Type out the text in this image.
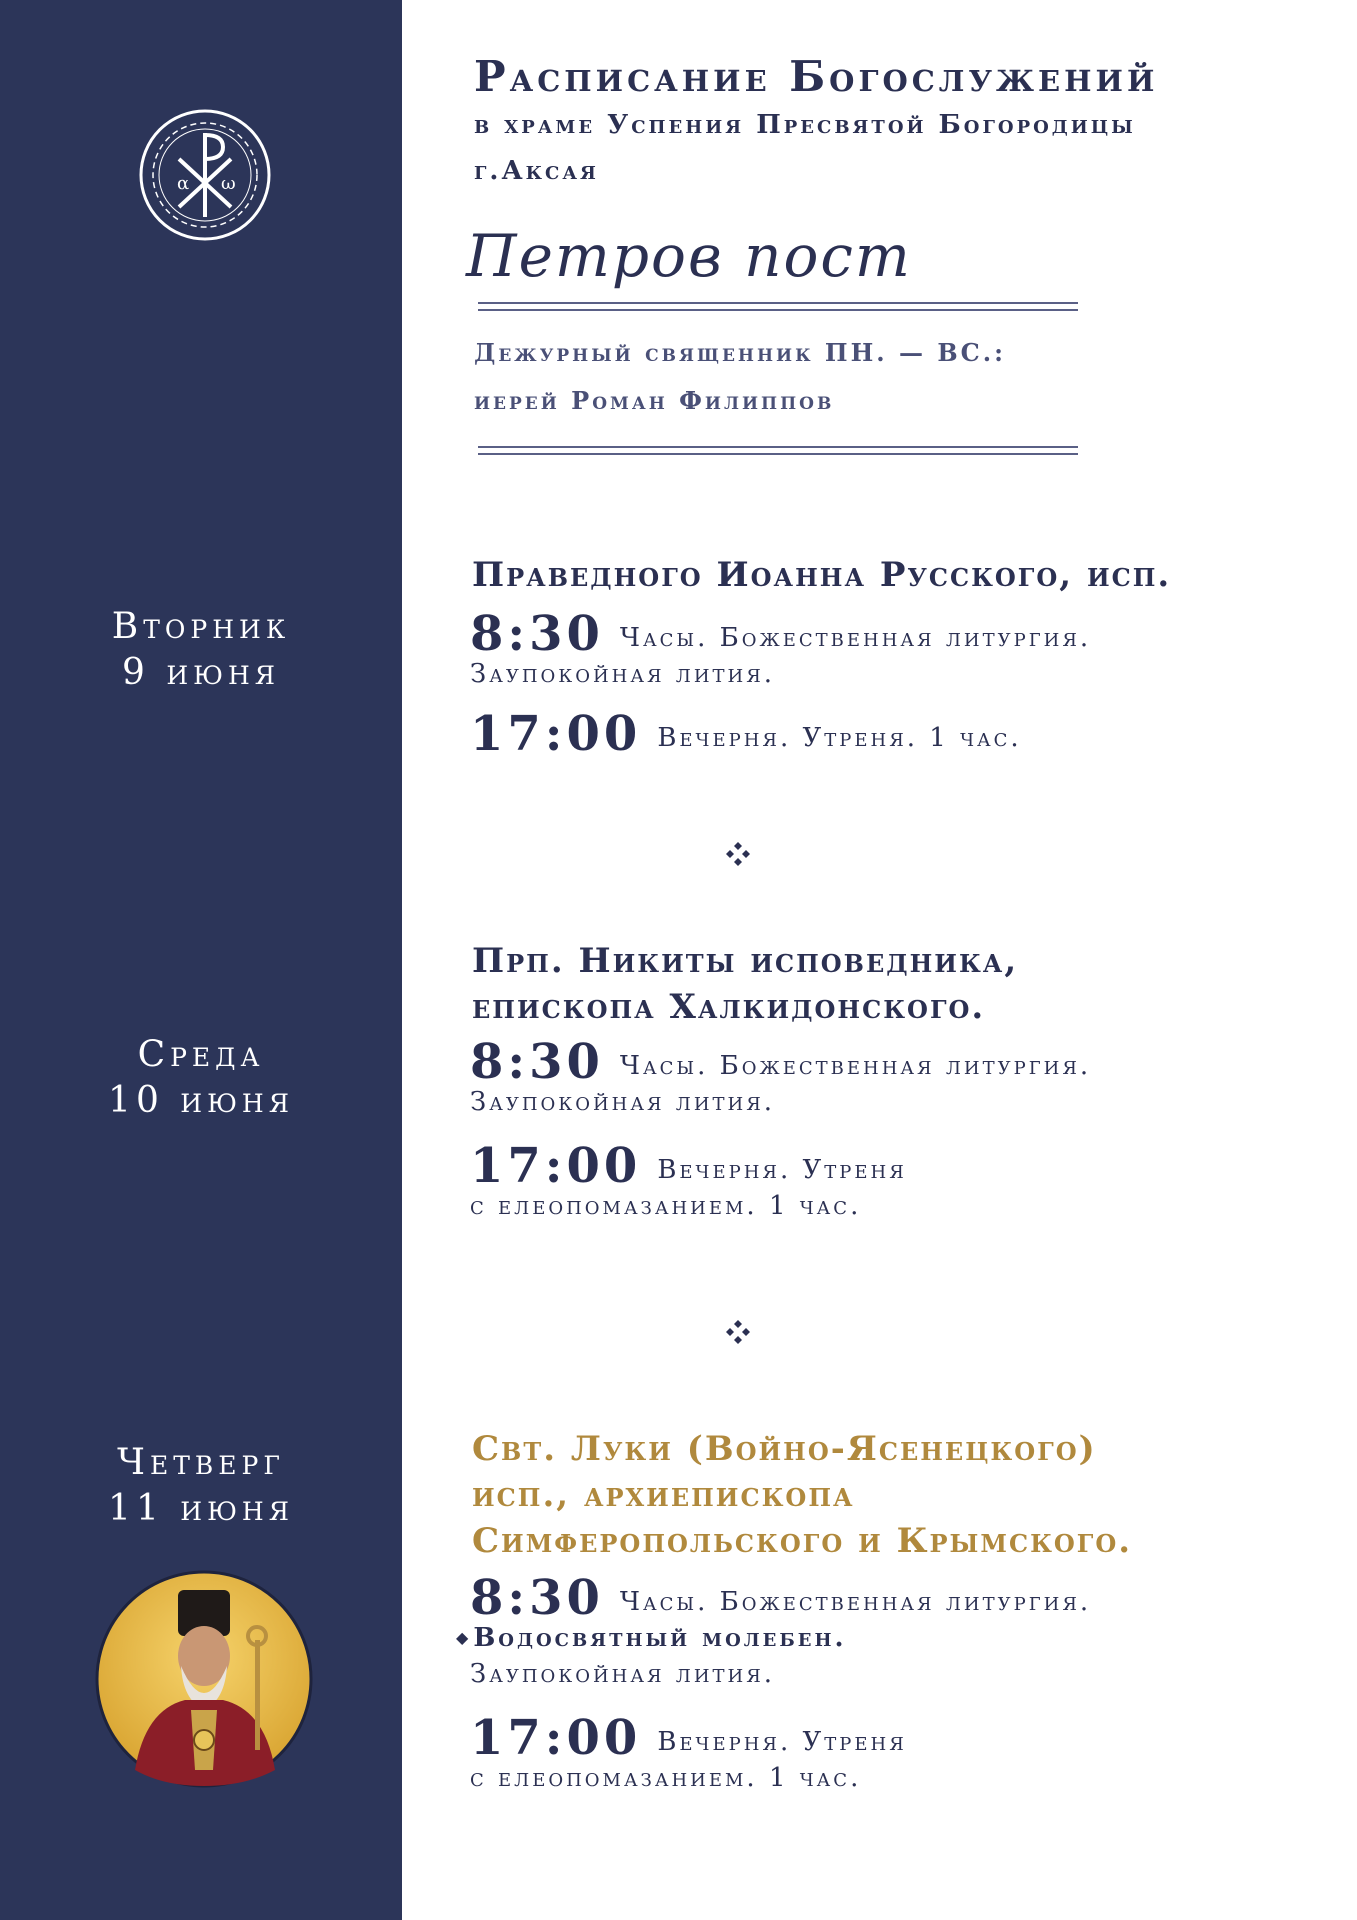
α ω
Вторник
9 июня
Среда
10 июня
Четверг
11 июня
Расписание Богослужений
в храме Успения Пресвятой Богородицы
г.Аксая
Петров пост
Дежурный священник ПН. — ВС.:
иерей Роман Филиппов
Праведного Иоанна Русского, исп.
8:30 Часы. Божественная литургия.
Заупокойная лития.
17:00 Вечерня. Утреня. 1 час.
Прп. Никиты исповедника,
епископа Халкидонского.
8:30 Часы. Божественная литургия.
Заупокойная лития.
17:00 Вечерня. Утреня
с елеопомазанием. 1 час.
Свт. Луки (Войно-Ясенецкого)
исп., архиепископа
Симферопольского и Крымского.
8:30 Часы. Божественная литургия.
◆Водосвятный молебен.
Заупокойная лития.
17:00 Вечерня. Утреня
с елеопомазанием. 1 час.
